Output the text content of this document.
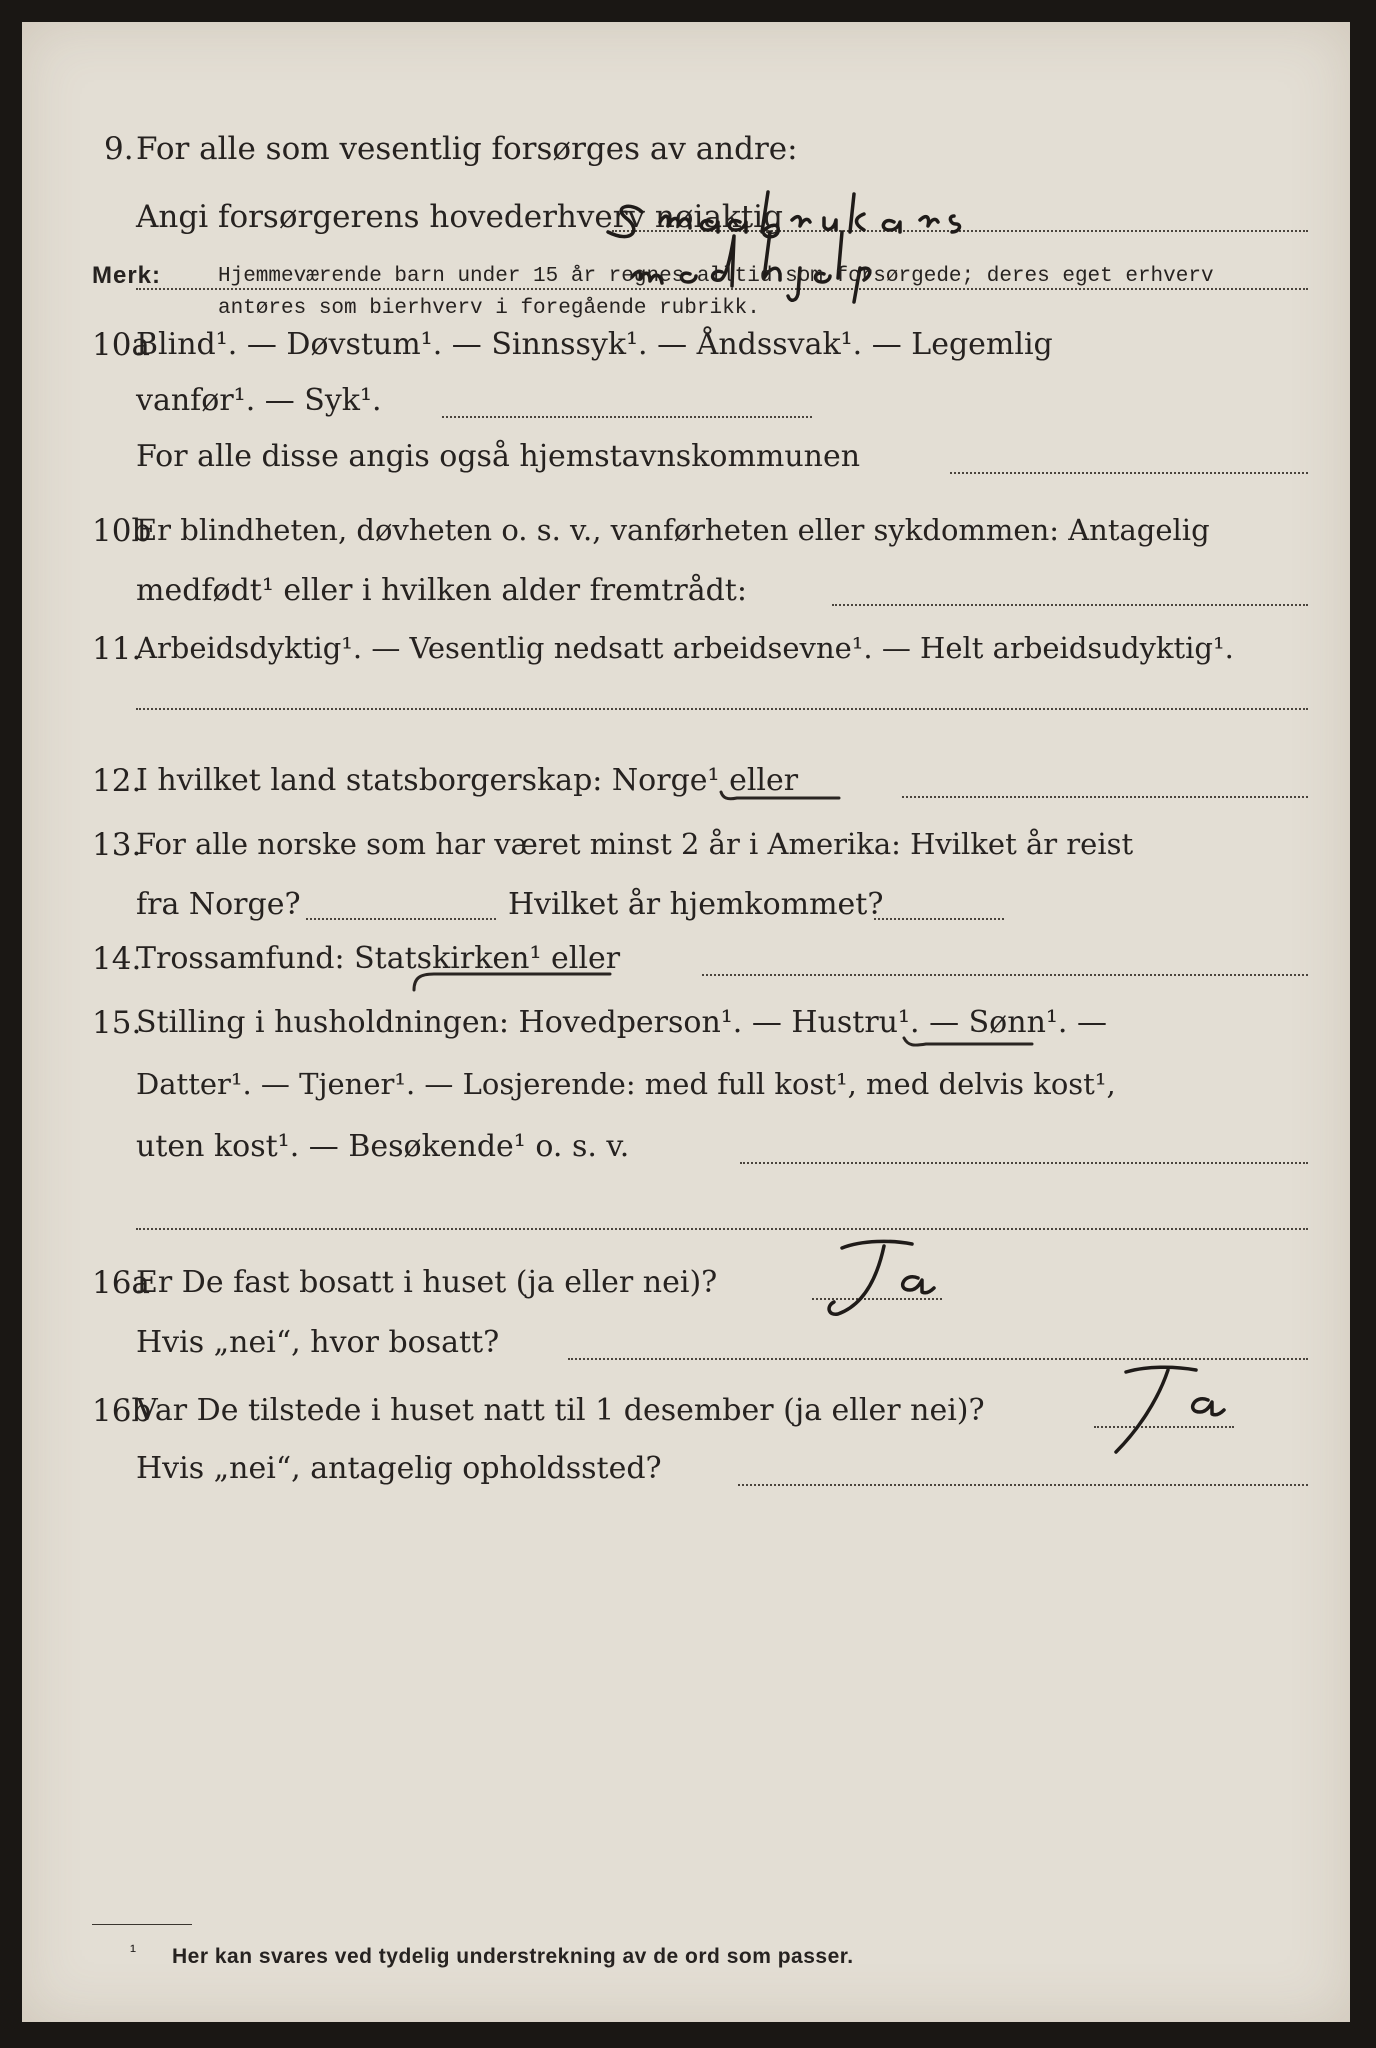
9. For alle som vesentlig forsørges av andre:
Angi forsørgerens hovederhverv nøiaktig
Merk:	Hjemmeværende barn under 15 år regnes alltid som forsørgede; deres eget erhverv
antøres som bierhverv i foregående rubrikk.
10a
Blind¹. — Døvstum¹. — Sinnssyk¹. — Åndssvak¹. — Legemlig
vanfør¹. — Syk¹.
For alle disse angis også hjemstavnskommunen
10b
Er blindheten, døvheten o. s. v., vanførheten eller sykdommen: Antagelig
medfødt¹ eller i hvilken alder fremtrådt:
11.
Arbeidsdyktig¹. — Vesentlig nedsatt arbeidsevne¹. — Helt arbeidsudyktig¹.
12.
I hvilket land statsborgerskap: Norge¹ eller
13.
For alle norske som har været minst 2 år i Amerika: Hvilket år reist
fra Norge?	Hvilket år hjemkommet?
14.
Trossamfund: Statskirken¹ eller
15.
Stilling i husholdningen: Hovedperson¹. — Hustru¹. — Sønn¹. —
Datter¹. — Tjener¹. — Losjerende: med full kost¹, med delvis kost¹,
uten kost¹. — Besøkende¹ o. s. v.
16a
Er De fast bosatt i huset (ja eller nei)?
Hvis „nei“, hvor bosatt?
16b
Var De tilstede i huset natt til 1 desember (ja eller nei)?
Hvis „nei“, antagelig opholdssted?
¹ Her kan svares ved tydelig understrekning av de ord som passer.
